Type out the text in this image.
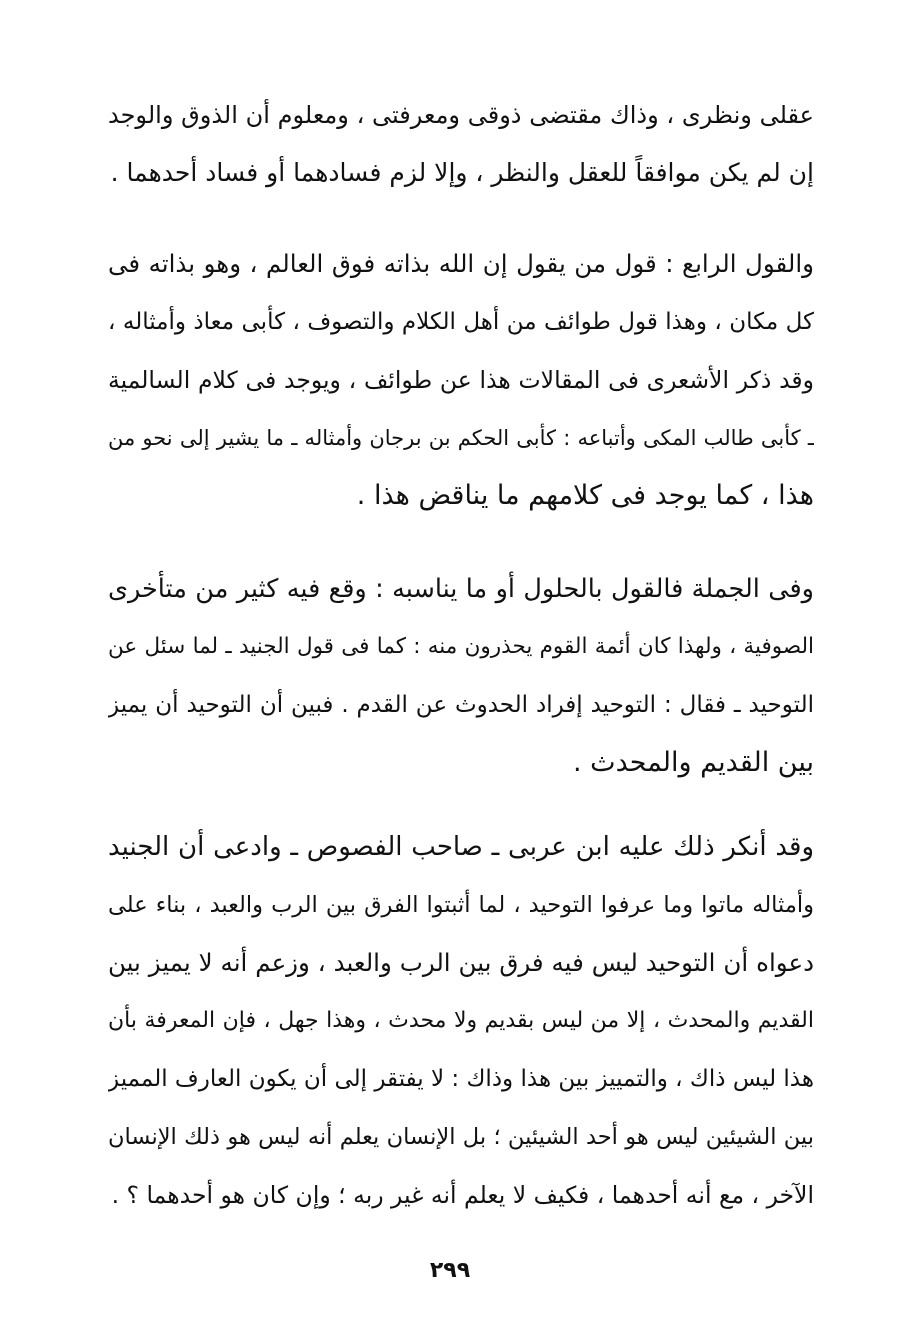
عقلى ونظرى ، وذاك مقتضى ذوقى ومعرفتى ، ومعلوم أن الذوق والوجد
إن لم يكن موافقاً للعقل والنظر ، وإلا لزم فسادهما أو فساد أحدهما .
والقول الرابع : قول من يقول إن الله بذاته فوق العالم ، وهو بذاته فى
كل مكان ، وهذا قول طوائف من أهل الكلام والتصوف ، كأبى معاذ وأمثاله ،
وقد ذكر الأشعرى فى المقالات هذا عن طوائف ، ويوجد فى كلام السالمية
ـ كأبى طالب المكى وأتباعه : كأبى الحكم بن برجان وأمثاله ـ ما يشير إلى نحو من
هذا ، كما يوجد فى كلامهم ما يناقض هذا .
وفى الجملة فالقول بالحلول أو ما يناسبه : وقع فيه كثير من متأخرى
الصوفية ، ولهذا كان أئمة القوم يحذرون منه : كما فى قول الجنيد ـ لما سئل عن
التوحيد ـ فقال : التوحيد إفراد الحدوث عن القدم . فبين أن التوحيد أن يميز
بين القديم والمحدث .
وقد أنكر ذلك عليه ابن عربى ـ صاحب الفصوص ـ وادعى أن الجنيد
وأمثاله ماتوا وما عرفوا التوحيد ، لما أثبتوا الفرق بين الرب والعبد ، بناء على
دعواه أن التوحيد ليس فيه فرق بين الرب والعبد ، وزعم أنه لا يميز بين
القديم والمحدث ، إلا من ليس بقديم ولا محدث ، وهذا جهل ، فإن المعرفة بأن
هذا ليس ذاك ، والتمييز بين هذا وذاك : لا يفتقر إلى أن يكون العارف المميز
بين الشيئين ليس هو أحد الشيئين ؛ بل الإنسان يعلم أنه ليس هو ذلك الإنسان
الآخر ، مع أنه أحدهما ، فكيف لا يعلم أنه غير ربه ؛ وإن كان هو أحدهما ؟ .
٢٩٩
